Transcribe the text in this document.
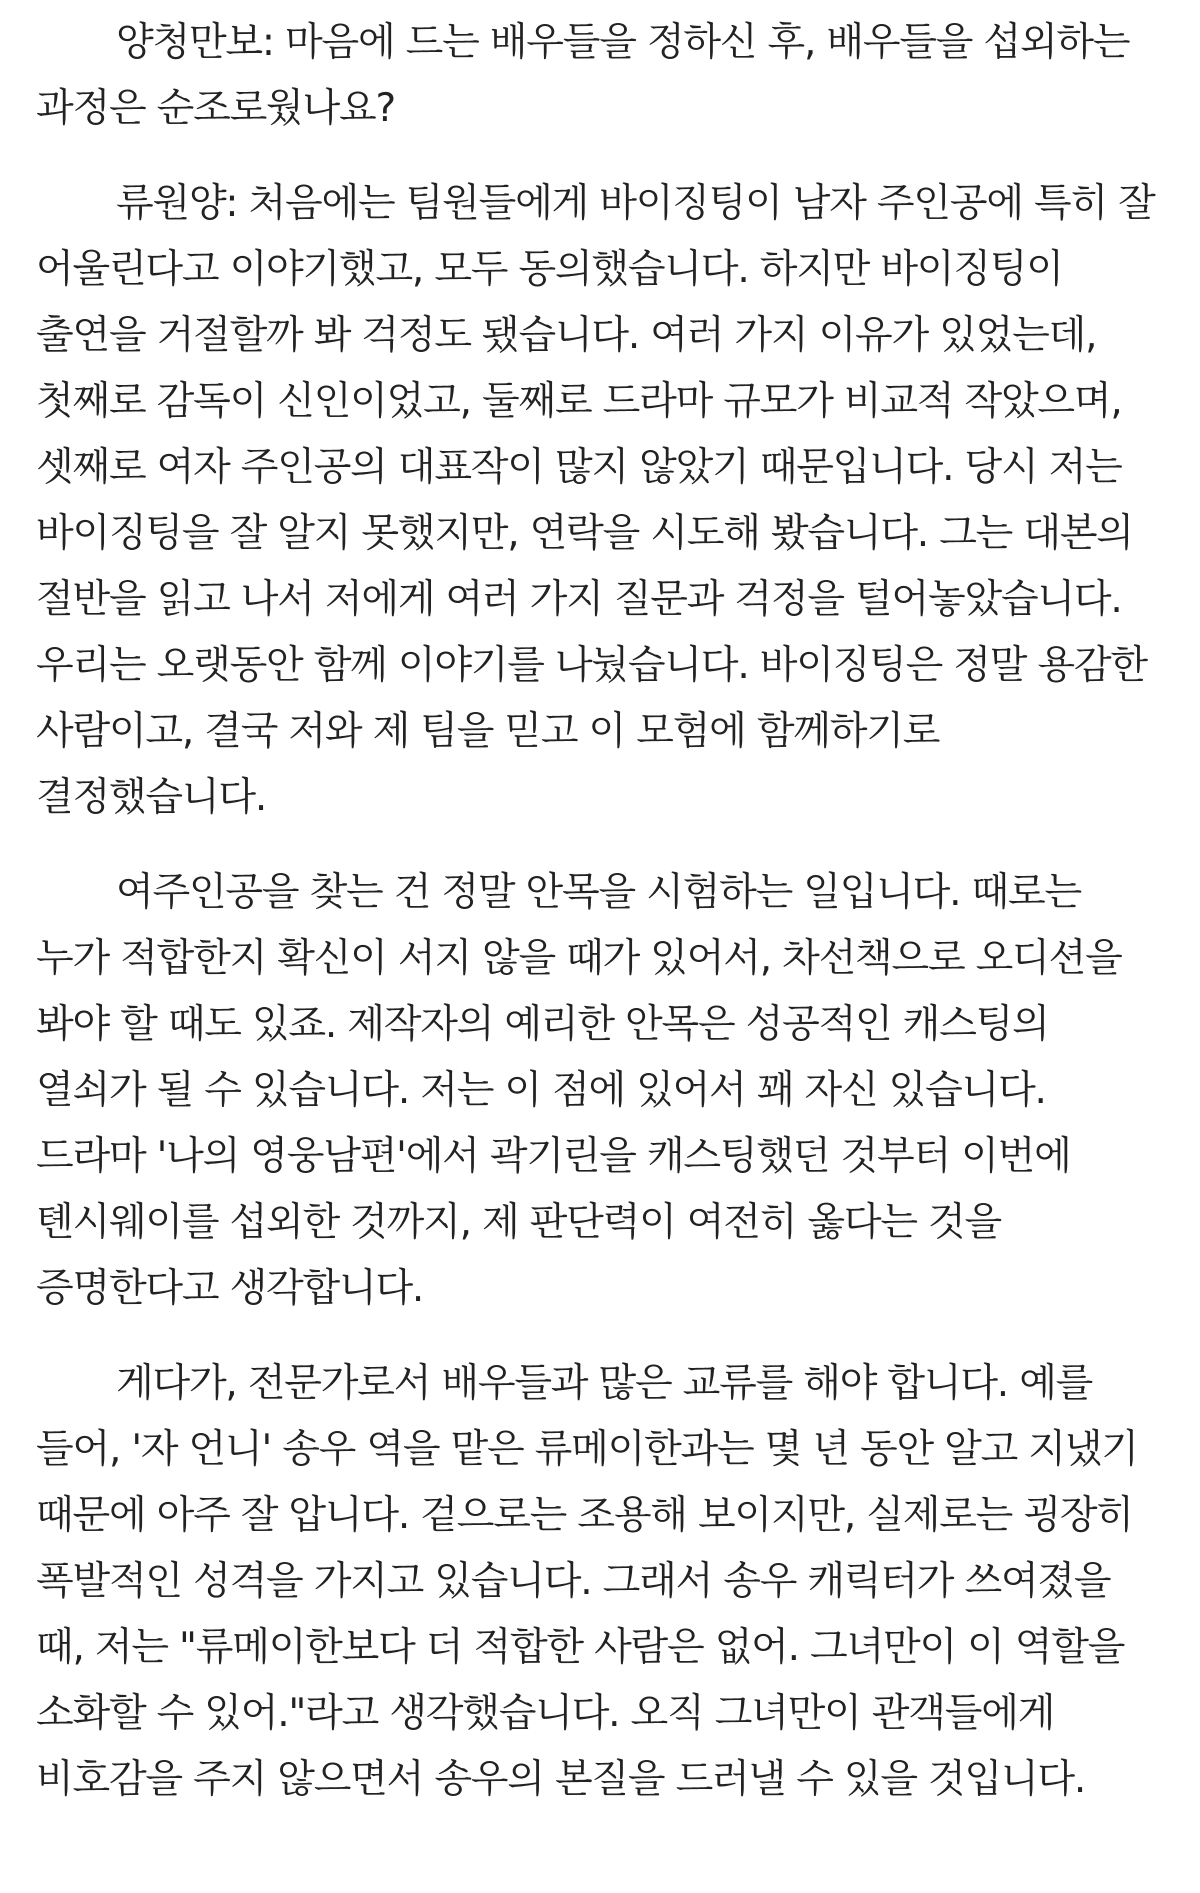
양청만보: 마음에 드는 배우들을 정하신 후, 배우들을 섭외하는 과정은 순조로웠나요?

류원양: 처음에는 팀원들에게 바이징팅이 남자 주인공에 특히 잘 어울린다고 이야기했고, 모두 동의했습니다. 하지만 바이징팅이 출연을 거절할까 봐 걱정도 됐습니다. 여러 가지 이유가 있었는데, 첫째로 감독이 신인이었고, 둘째로 드라마 규모가 비교적 작았으며, 셋째로 여자 주인공의 대표작이 많지 않았기 때문입니다. 당시 저는 바이징팅을 잘 알지 못했지만, 연락을 시도해 봤습니다. 그는 대본의 절반을 읽고 나서 저에게 여러 가지 질문과 걱정을 털어놓았습니다. 우리는 오랫동안 함께 이야기를 나눴습니다. 바이징팅은 정말 용감한 사람이고, 결국 저와 제 팀을 믿고 이 모험에 함께하기로 결정했습니다.

여주인공을 찾는 건 정말 안목을 시험하는 일입니다. 때로는 누가 적합한지 확신이 서지 않을 때가 있어서, 차선책으로 오디션을 봐야 할 때도 있죠. 제작자의 예리한 안목은 성공적인 캐스팅의 열쇠가 될 수 있습니다. 저는 이 점에 있어서 꽤 자신 있습니다. 드라마 '나의 영웅남편'에서 곽기린을 캐스팅했던 것부터 이번에 톈시웨이를 섭외한 것까지, 제 판단력이 여전히 옳다는 것을 증명한다고 생각합니다.

게다가, 전문가로서 배우들과 많은 교류를 해야 합니다. 예를 들어, '자 언니' 송우 역을 맡은 류메이한과는 몇 년 동안 알고 지냈기 때문에 아주 잘 압니다. 겉으로는 조용해 보이지만, 실제로는 굉장히 폭발적인 성격을 가지고 있습니다. 그래서 송우 캐릭터가 쓰여졌을 때, 저는 "류메이한보다 더 적합한 사람은 없어. 그녀만이 이 역할을 소화할 수 있어."라고 생각했습니다. 오직 그녀만이 관객들에게 비호감을 주지 않으면서 송우의 본질을 드러낼 수 있을 것입니다.
